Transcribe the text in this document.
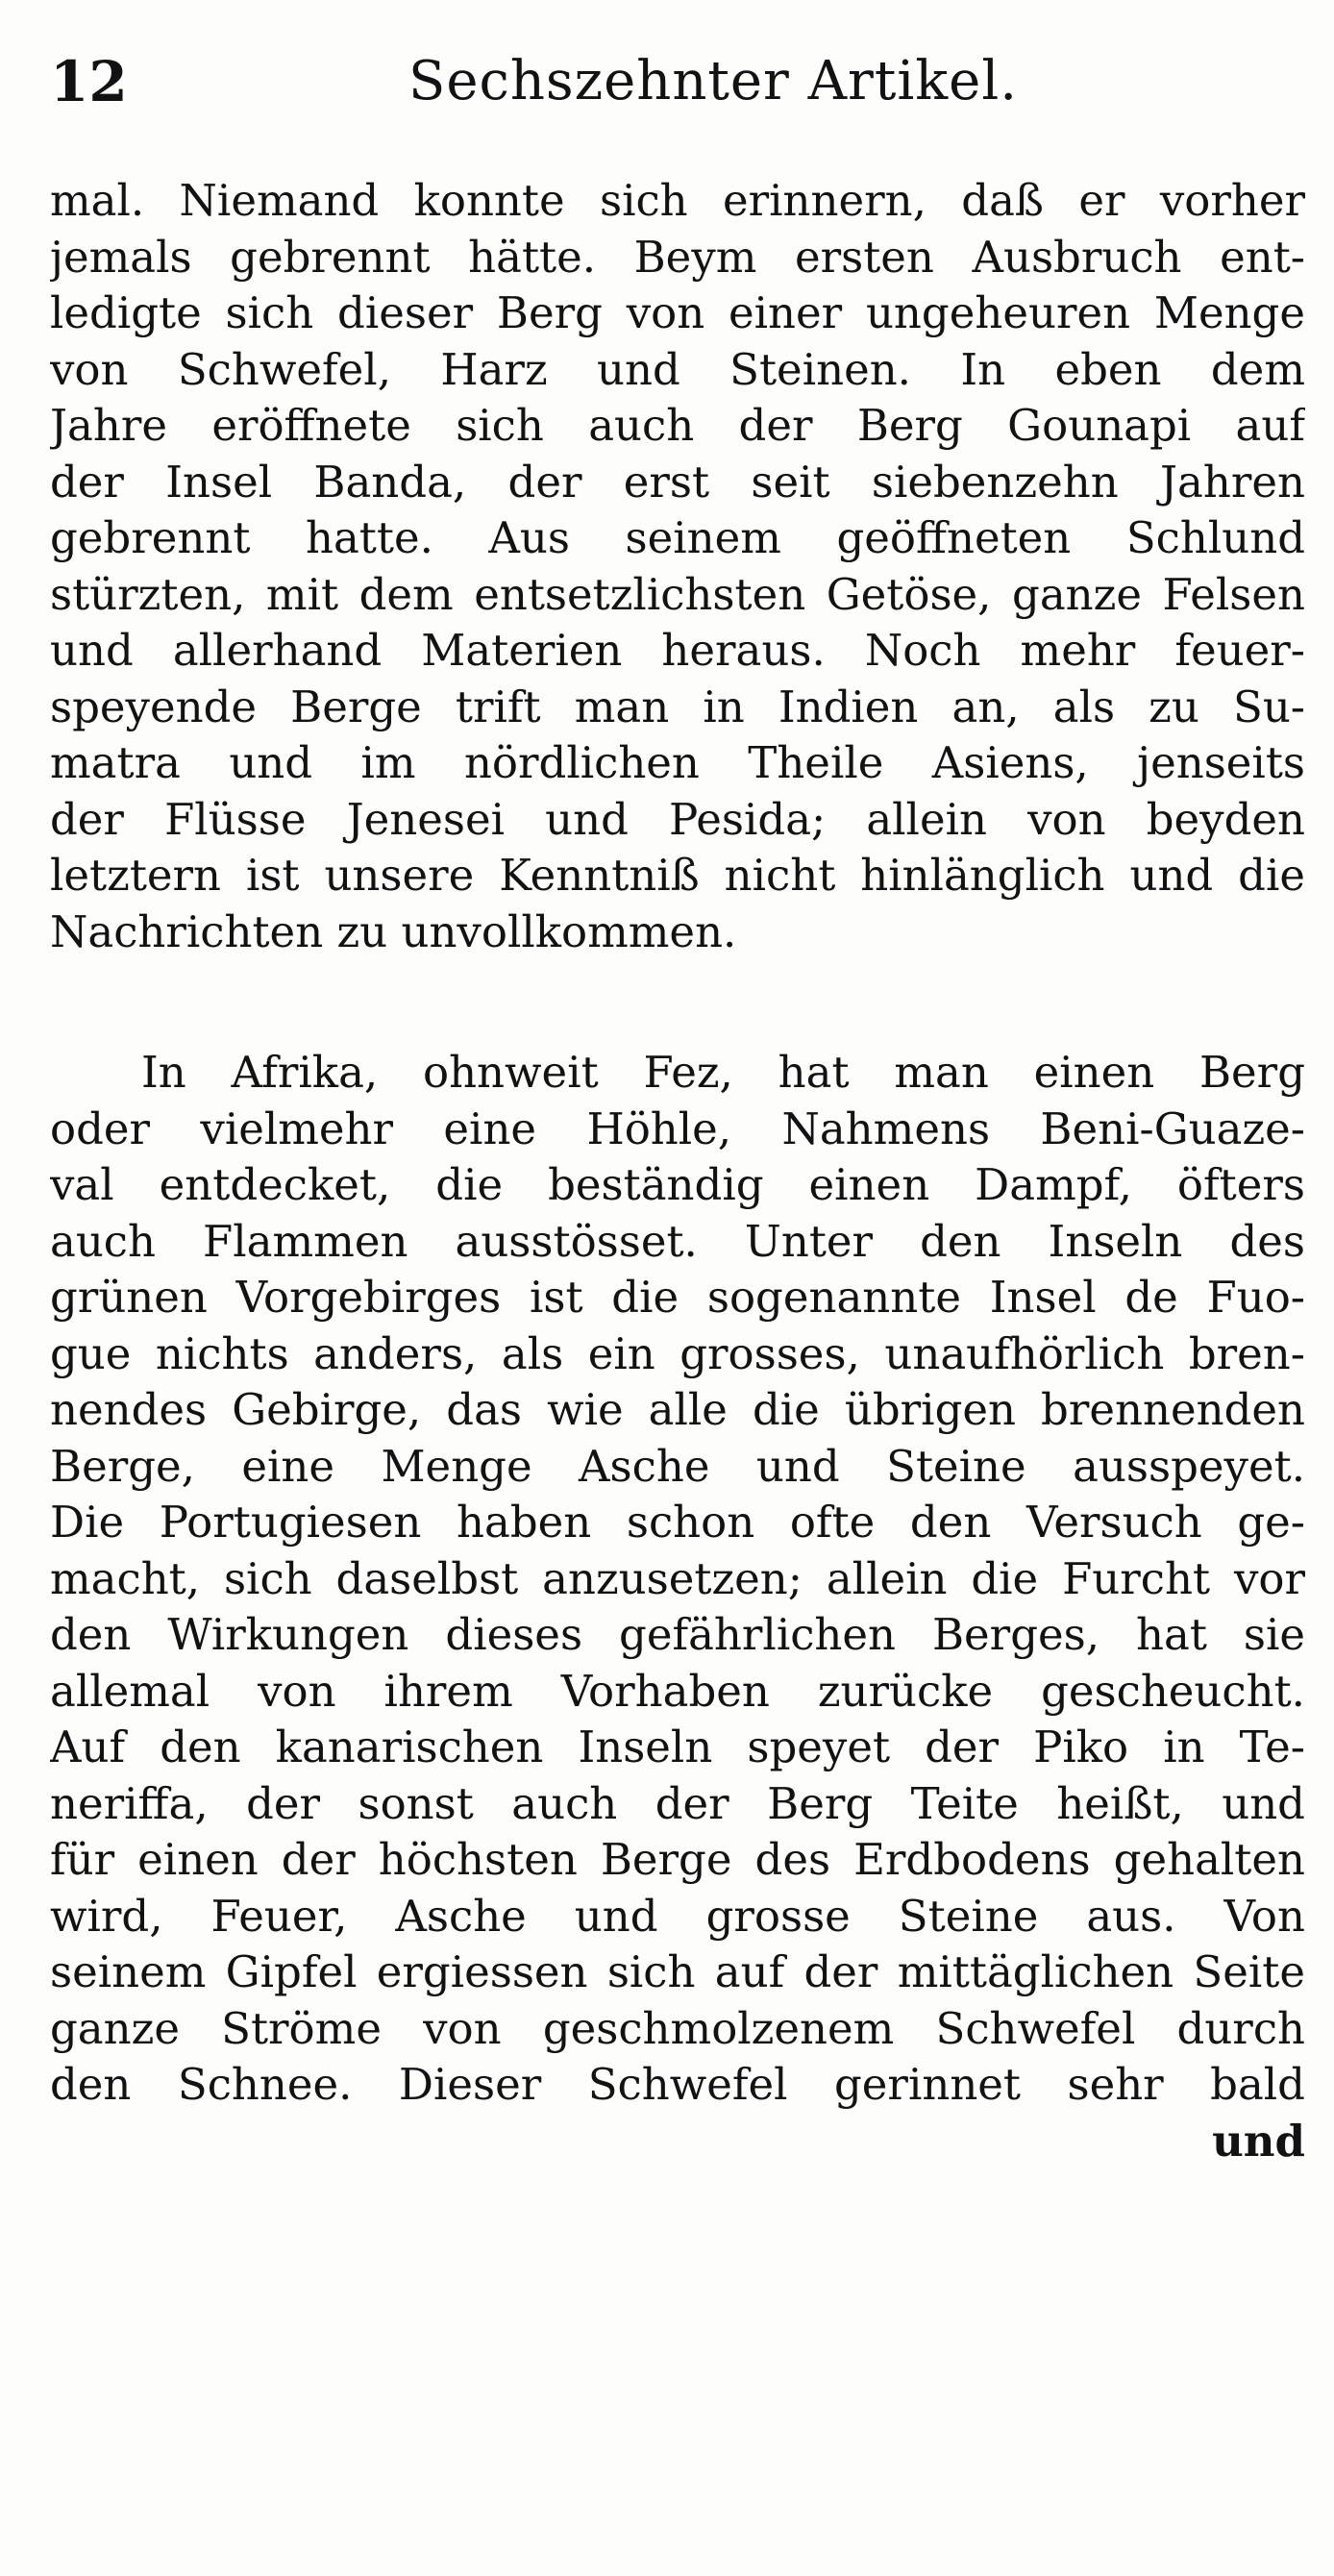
12	Sechszehnter Artikel.
mal. Niemand konnte sich erinnern, daß er vorher
jemals gebrennt hätte. Beym ersten Ausbruch ent-
ledigte sich dieser Berg von einer ungeheuren Menge
von Schwefel, Harz und Steinen. In eben dem
Jahre eröffnete sich auch der Berg Gounapi auf
der Insel Banda, der erst seit siebenzehn Jahren
gebrennt hatte. Aus seinem geöffneten Schlund
stürzten, mit dem entsetzlichsten Getöse, ganze Felsen
und allerhand Materien heraus. Noch mehr feuer-
speyende Berge trift man in Indien an, als zu Su-
matra und im nördlichen Theile Asiens, jenseits
der Flüsse Jenesei und Pesida; allein von beyden
letztern ist unsere Kenntniß nicht hinlänglich und die
Nachrichten zu unvollkommen.
In Afrika, ohnweit Fez, hat man einen Berg
oder vielmehr eine Höhle, Nahmens Beni-Guaze-
val entdecket, die beständig einen Dampf, öfters
auch Flammen ausstösset. Unter den Inseln des
grünen Vorgebirges ist die sogenannte Insel de Fuo-
gue nichts anders, als ein grosses, unaufhörlich bren-
nendes Gebirge, das wie alle die übrigen brennenden
Berge, eine Menge Asche und Steine ausspeyet.
Die Portugiesen haben schon ofte den Versuch ge-
macht, sich daselbst anzusetzen; allein die Furcht vor
den Wirkungen dieses gefährlichen Berges, hat sie
allemal von ihrem Vorhaben zurücke gescheucht.
Auf den kanarischen Inseln speyet der Piko in Te-
neriffa, der sonst auch der Berg Teite heißt, und
für einen der höchsten Berge des Erdbodens gehalten
wird, Feuer, Asche und grosse Steine aus. Von
seinem Gipfel ergiessen sich auf der mittäglichen Seite
ganze Ströme von geschmolzenem Schwefel durch
den Schnee. Dieser Schwefel gerinnet sehr bald
und
